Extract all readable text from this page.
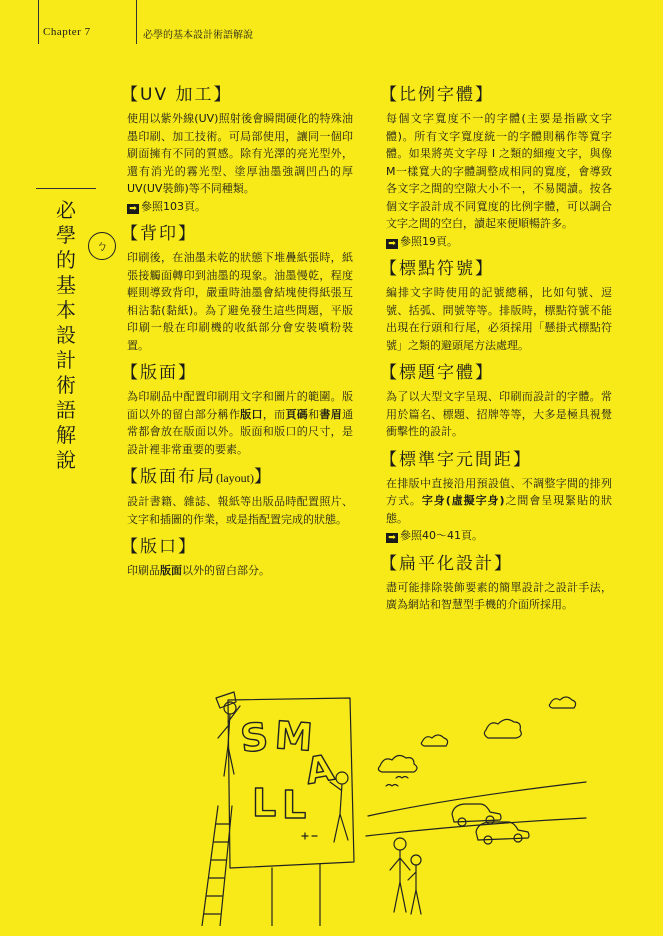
Chapter 7	必學的基本設計術語解說
必學的基本設計術語解說
ㄅ
【UV 加工】

使用以紫外線(UV)照射後會瞬間硬化的特殊油墨印刷、加工技術。可局部使用，讓同一個印刷面擁有不同的質感。除有光澤的亮光型外，還有消光的霧光型、塗厚油墨強調凹凸的厚 UV(UV裝飾)等不同種類。

➡ 參照103頁。

【背印】

印刷後，在油墨未乾的狀態下堆疊紙張時，紙張接觸面轉印到油墨的現象。油墨慢乾，程度輕則導致背印，嚴重時油墨會結塊使得紙張互相沾黏(黏紙)。為了避免發生這些問題，平版印刷一般在印刷機的收紙部分會安裝噴粉裝置。

【版面】

為印刷品中配置印刷用文字和圖片的範圍。版面以外的留白部分稱作版口，而頁碼和書眉通常都會放在版面以外。版面和版口的尺寸，是設計裡非常重要的要素。

【版面布局(layout)】

設計書籍、雜誌、報紙等出版品時配置照片、文字和插圖的作業，或是指配置完成的狀態。

【版口】

印刷品版面以外的留白部分。

【比例字體】

每個文字寬度不一的字體(主要是指歐文字體)。所有文字寬度統一的字體則稱作等寬字體。如果將英文字母 I 之類的細瘦文字，與像M一樣寬大的字體調整成相同的寬度，會導致各文字之間的空隙大小不一，不易閱讀。按各個文字設計成不同寬度的比例字體，可以調合文字之間的空白，讀起來便順暢許多。

➡ 參照19頁。

【標點符號】

編排文字時使用的記號總稱，比如句號、逗號、括弧、問號等等。排版時，標點符號不能出現在行頭和行尾，必須採用「懸掛式標點符號」之類的避頭尾方法處理。

【標題字體】

為了以大型文字呈現、印刷而設計的字體。常用於篇名、標題、招牌等等，大多是極具視覺衝擊性的設計。

【標準字元間距】

在排版中直接沿用預設值、不調整字間的排列方式。字身(虛擬字身)之間會呈現緊貼的狀態。

➡ 參照40～41頁。

【扁平化設計】

盡可能排除裝飾要素的簡單設計之設計手法，廣為網站和智慧型手機的介面所採用。

S M
A
L L
